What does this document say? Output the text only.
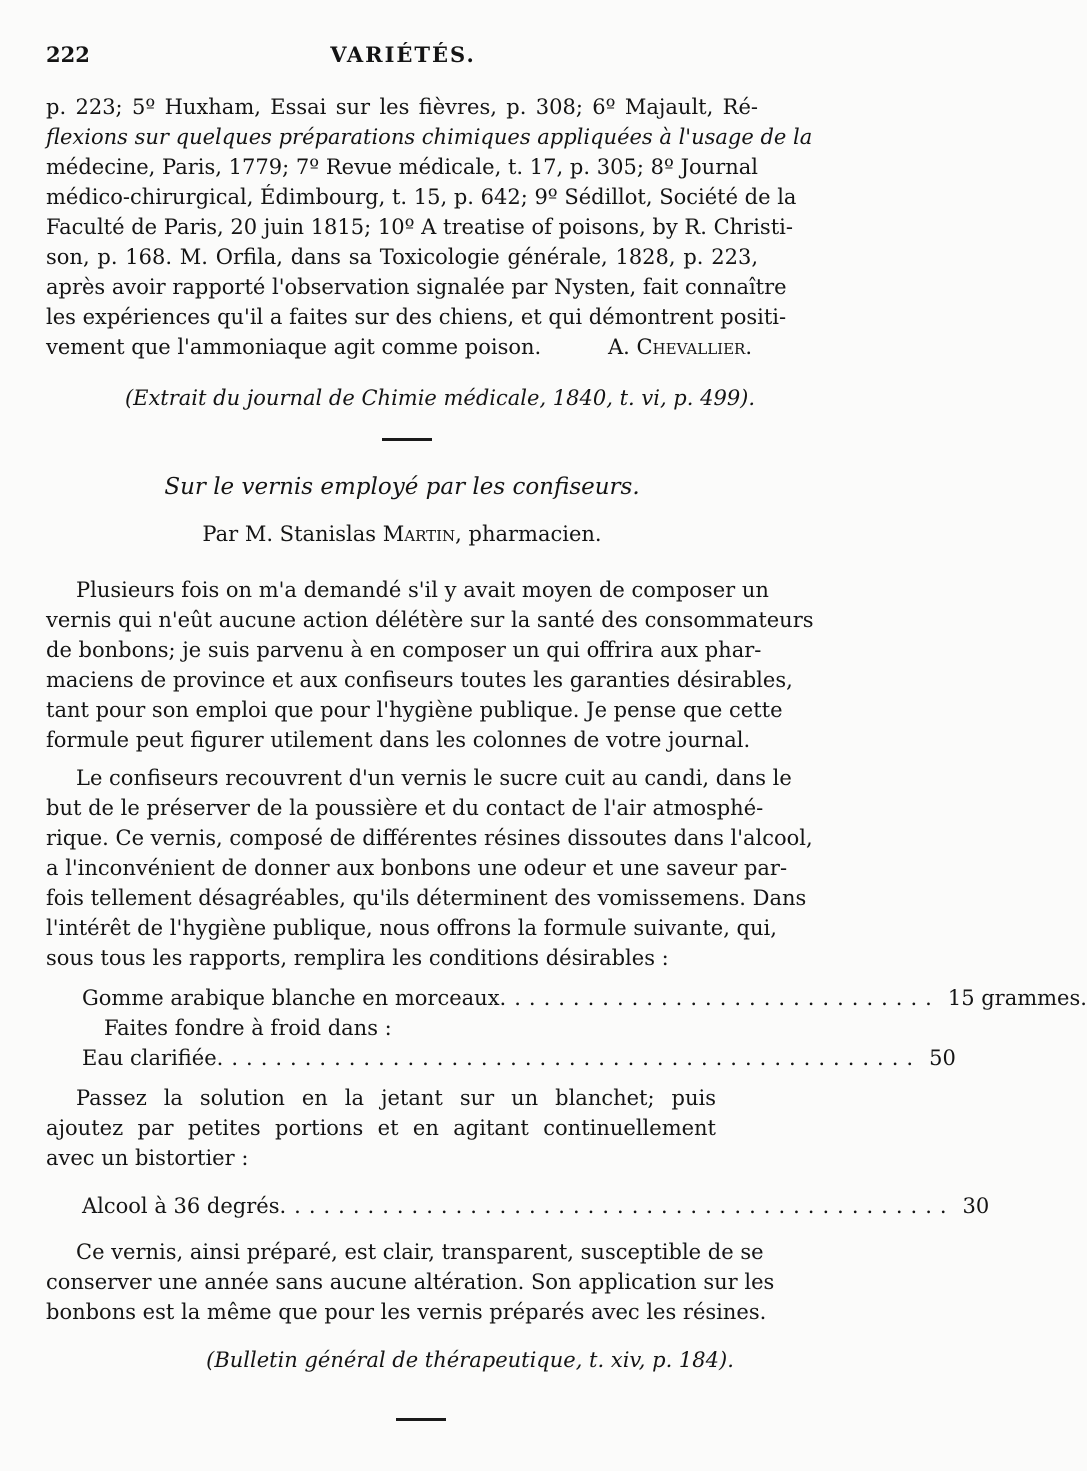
222	VARIÉTÉS.
p. 223; 5º Huxham, Essai sur les fièvres, p. 308; 6º Majault, Ré-
flexions sur quelques préparations chimiques appliquées à l'usage de la
médecine, Paris, 1779; 7º Revue médicale, t. 17, p. 305; 8º Journal
médico-chirurgical, Édimbourg, t. 15, p. 642; 9º Sédillot, Société de la
Faculté de Paris, 20 juin 1815; 10º A treatise of poisons, by R. Christi-
son, p. 168. M. Orfila, dans sa Toxicologie générale, 1828, p. 223,
après avoir rapporté l'observation signalée par Nysten, fait connaître
les expériences qu'il a faites sur des chiens, et qui démontrent positi-
vement que l'ammoniaque agit comme poison.	A. Chevallier.
(Extrait du journal de Chimie médicale, 1840, t. vi, p. 499).
Sur le vernis employé par les confiseurs.
Par M. Stanislas Martin, pharmacien.
Plusieurs fois on m'a demandé s'il y avait moyen de composer un
vernis qui n'eût aucune action délétère sur la santé des consommateurs
de bonbons; je suis parvenu à en composer un qui offrira aux phar-
maciens de province et aux confiseurs toutes les garanties désirables,
tant pour son emploi que pour l'hygiène publique. Je pense que cette
formule peut figurer utilement dans les colonnes de votre journal.
Le confiseurs recouvrent d'un vernis le sucre cuit au candi, dans le
but de le préserver de la poussière et du contact de l'air atmosphé-
rique. Ce vernis, composé de différentes résines dissoutes dans l'alcool,
a l'inconvénient de donner aux bonbons une odeur et une saveur par-
fois tellement désagréables, qu'ils déterminent des vomissemens. Dans
l'intérêt de l'hygiène publique, nous offrons la formule suivante, qui,
sous tous les rapports, remplira les conditions désirables :
Gomme arabique blanche en morceaux. ............................. 15 grammes.
Faites fondre à froid dans :
Eau clarifiée. ............................................... 50
Passez la solution en la jetant sur un blanchet; puis
ajoutez par petites portions et en agitant continuellement
avec un bistortier :
Alcool à 36 degrés. ............................................. 30
Ce vernis, ainsi préparé, est clair, transparent, susceptible de se
conserver une année sans aucune altération. Son application sur les
bonbons est la même que pour les vernis préparés avec les résines.
(Bulletin général de thérapeutique, t. xiv, p. 184).
